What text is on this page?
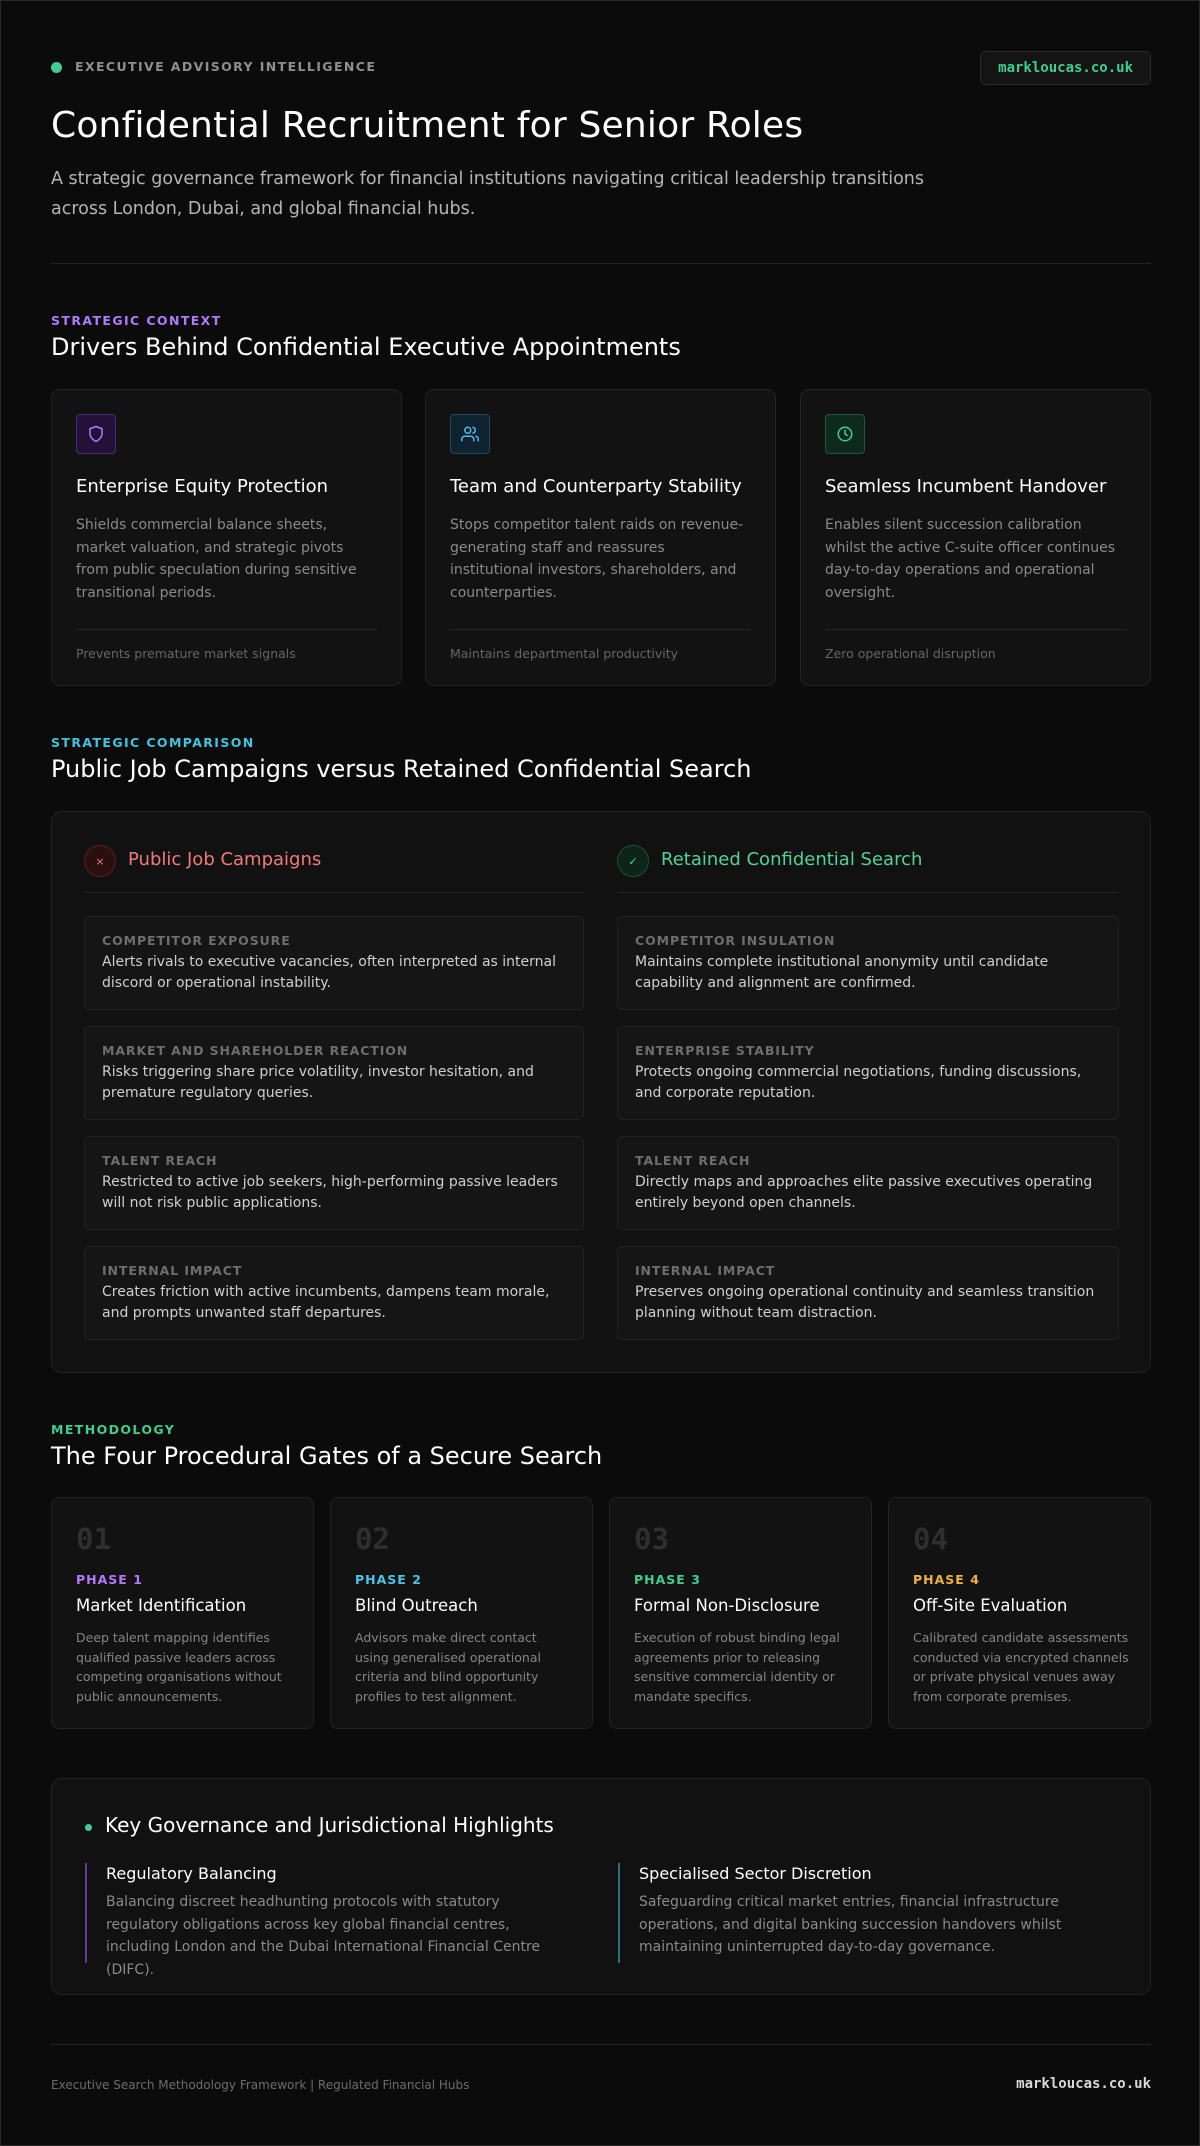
EXECUTIVE ADVISORY INTELLIGENCE	markloucas.co.uk
Confidential Recruitment for Senior Roles

A strategic governance framework for financial institutions navigating critical leadership transitions across London, Dubai, and global financial hubs.

STRATEGIC CONTEXT
Drivers Behind Confidential Executive Appointments
Enterprise Equity Protection
Shields commercial balance sheets, market valuation, and strategic pivots from public speculation during sensitive transitional periods.
Prevents premature market signals
Team and Counterparty Stability
Stops competitor talent raids on revenue-generating staff and reassures institutional investors, shareholders, and counterparties.
Maintains departmental productivity
Seamless Incumbent Handover
Enables silent succession calibration whilst the active C-suite officer continues day-to-day operations and operational oversight.
Zero operational disruption
STRATEGIC COMPARISON
Public Job Campaigns versus Retained Confidential Search
×	Public Job Campaigns
COMPETITOR EXPOSURE
Alerts rivals to executive vacancies, often interpreted as internal discord or operational instability.
MARKET AND SHAREHOLDER REACTION
Risks triggering share price volatility, investor hesitation, and premature regulatory queries.
TALENT REACH
Restricted to active job seekers, high-performing passive leaders will not risk public applications.
INTERNAL IMPACT
Creates friction with active incumbents, dampens team morale, and prompts unwanted staff departures.
✓	Retained Confidential Search
COMPETITOR INSULATION
Maintains complete institutional anonymity until candidate capability and alignment are confirmed.
ENTERPRISE STABILITY
Protects ongoing commercial negotiations, funding discussions, and corporate reputation.
TALENT REACH
Directly maps and approaches elite passive executives operating entirely beyond open channels.
INTERNAL IMPACT
Preserves ongoing operational continuity and seamless transition planning without team distraction.
METHODOLOGY
The Four Procedural Gates of a Secure Search
01
PHASE 1
Market Identification
Deep talent mapping identifies qualified passive leaders across competing organisations without public announcements.
02
PHASE 2
Blind Outreach
Advisors make direct contact using generalised operational criteria and blind opportunity profiles to test alignment.
03
PHASE 3
Formal Non-Disclosure
Execution of robust binding legal agreements prior to releasing sensitive commercial identity or mandate specifics.
04
PHASE 4
Off-Site Evaluation
Calibrated candidate assessments conducted via encrypted channels or private physical venues away from corporate premises.
Key Governance and Jurisdictional Highlights
Regulatory Balancing
Balancing discreet headhunting protocols with statutory regulatory obligations across key global financial centres, including London and the Dubai International Financial Centre (DIFC).
Specialised Sector Discretion
Safeguarding critical market entries, financial infrastructure operations, and digital banking succession handovers whilst maintaining uninterrupted day-to-day governance.
Executive Search Methodology Framework | Regulated Financial Hubs	markloucas.co.uk
